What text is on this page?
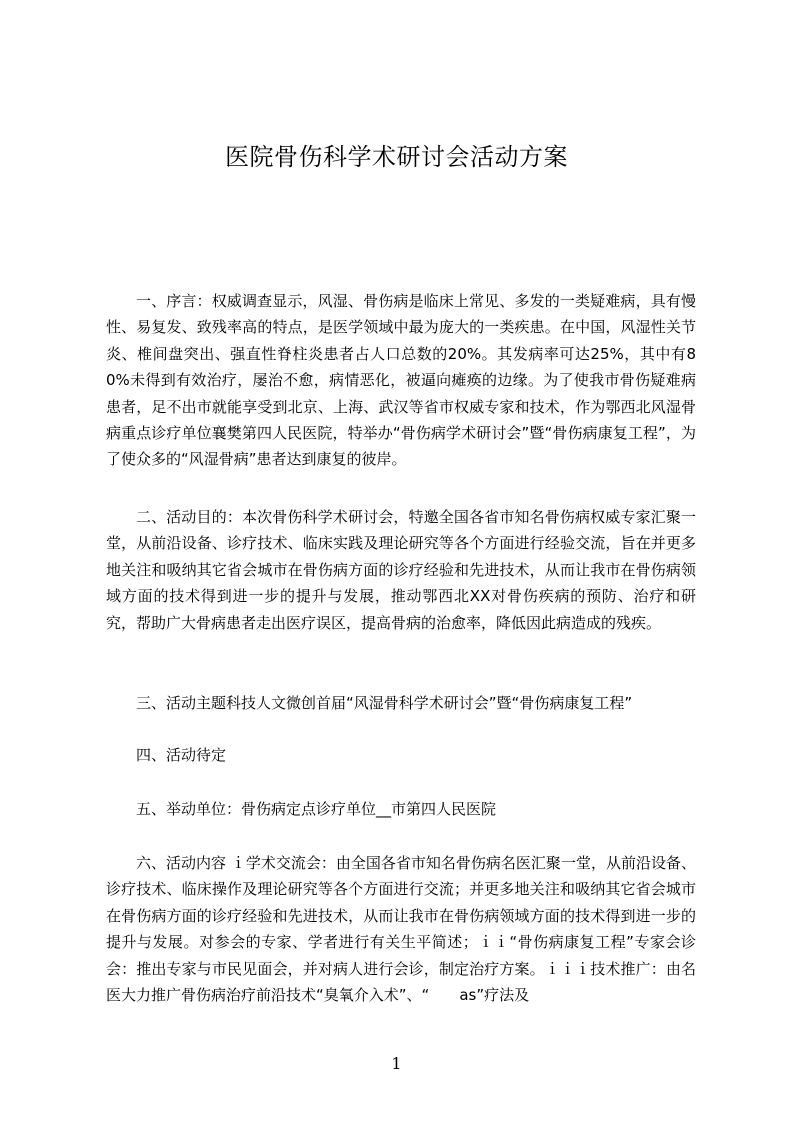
医院骨伤科学术研讨会活动方案

一、序言：权威调查显示，风湿、骨伤病是临床上常见、多发的一类疑难病，具有慢性、易复发、致残率高的特点，是医学领域中最为庞大的一类疾患。在中国，风湿性关节炎、椎间盘突出、强直性脊柱炎患者占人口总数的20%。其发病率可达25%，其中有80%未得到有效治疗，屡治不愈，病情恶化，被逼向瘫痪的边缘。为了使我市骨伤疑难病患者，足不出市就能享受到北京、上海、武汉等省市权威专家和技术，作为鄂西北风湿骨病重点诊疗单位襄樊第四人民医院，特举办“骨伤病学术研讨会”暨“骨伤病康复工程”，为了使众多的“风湿骨病”患者达到康复的彼岸。

二、活动目的：本次骨伤科学术研讨会，特邀全国各省市知名骨伤病权威专家汇聚一堂，从前沿设备、诊疗技术、临床实践及理论研究等各个方面进行经验交流，旨在并更多地关注和吸纳其它省会城市在骨伤病方面的诊疗经验和先进技术，从而让我市在骨伤病领域方面的技术得到进一步的提升与发展，推动鄂西北XX对骨伤疾病的预防、治疗和研究，帮助广大骨病患者走出医疗误区，提高骨病的治愈率，降低因此病造成的残疾。

三、活动主题科技人文微创首届“风湿骨科学术研讨会”暨“骨伤病康复工程”

四、活动待定

五、举动单位：骨伤病定点诊疗单位__市第四人民医院

六、活动内容 ｉ学术交流会：由全国各省市知名骨伤病名医汇聚一堂，从前沿设备、诊疗技术、临床操作及理论研究等各个方面进行交流；并更多地关注和吸纳其它省会城市在骨伤病方面的诊疗经验和先进技术，从而让我市在骨伤病领域方面的技术得到进一步的提升与发展。对参会的专家、学者进行有关生平简述；ｉｉ“骨伤病康复工程”专家会诊会：推出专家与市民见面会，并对病人进行会诊，制定治疗方案。ｉｉｉ技术推广：由名医大力推广骨伤病治疗前沿技术“臭氧介入术”、“　　as”疗法及

1
